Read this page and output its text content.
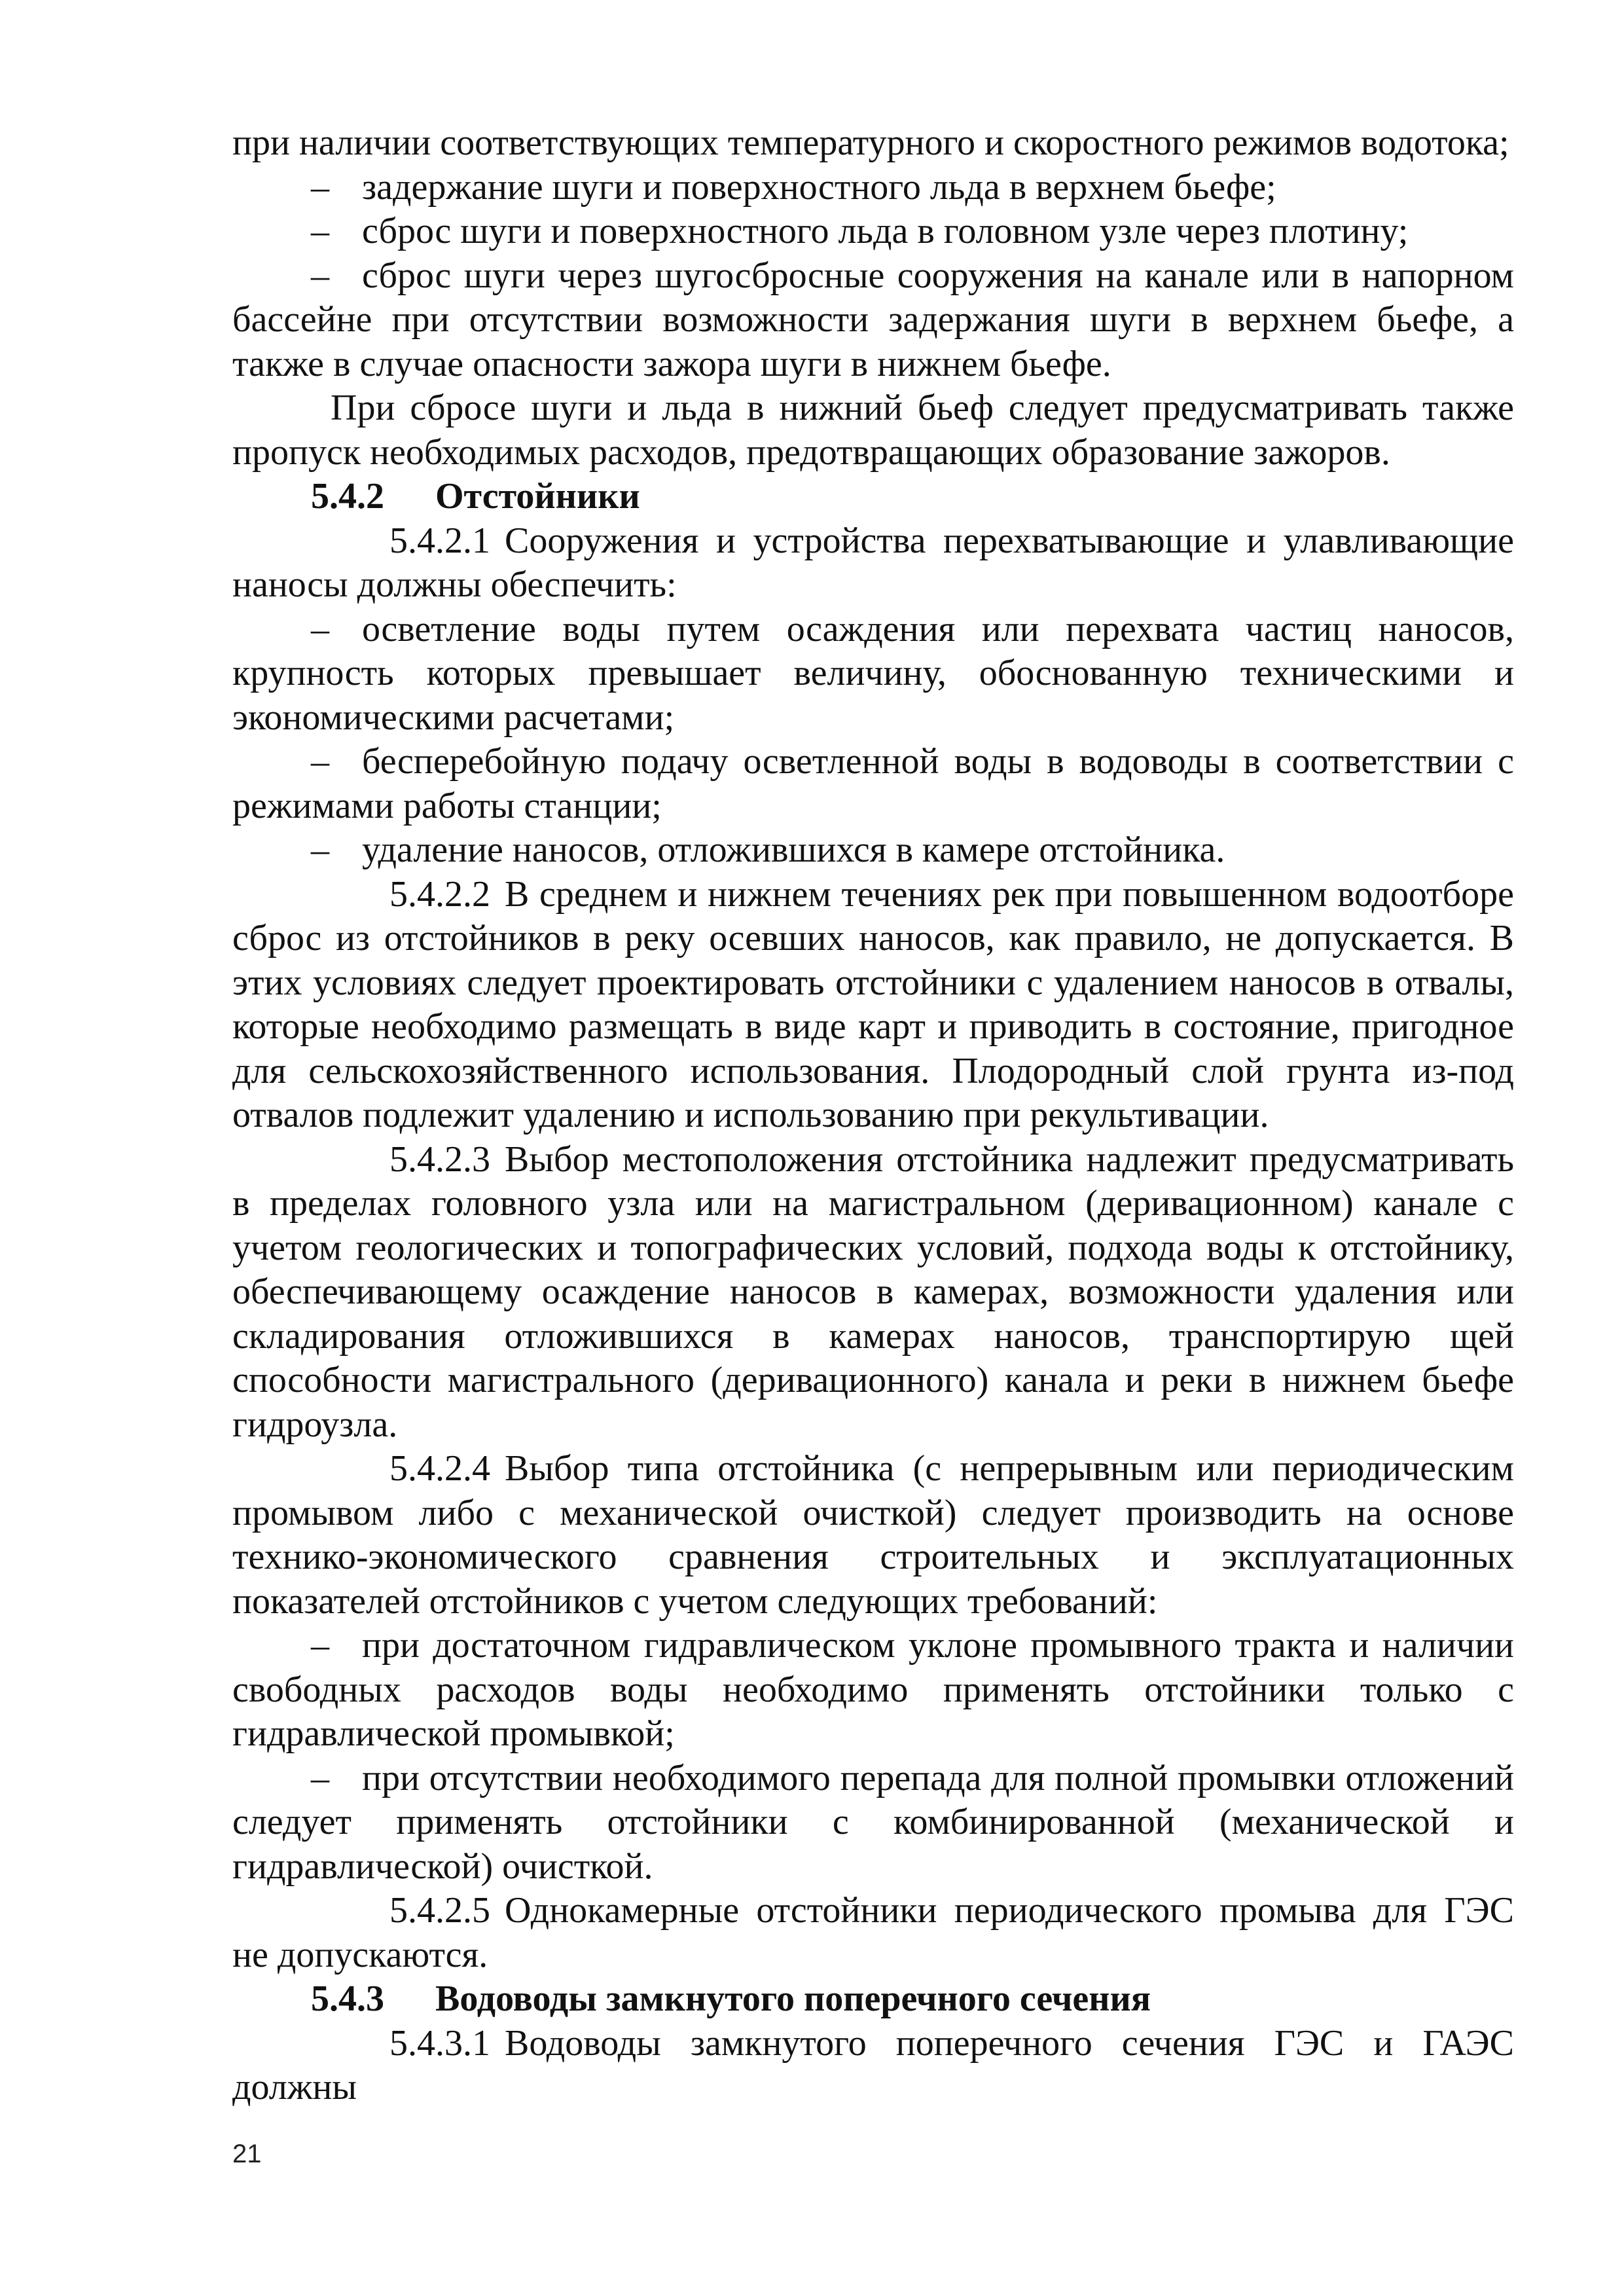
при наличии соответствующих температурного и скоростного режимов водотока;

– задержание шуги и поверхностного льда в верхнем бьефе;

– сброс шуги и поверхностного льда в головном узле через плотину;

– сброс шуги через шугосбросные сооружения на канале или в напорном бассейне при отсутствии возможности задержания шуги в верхнем бьефе, а также в случае опасности зажора шуги в нижнем бьефе.

При сбросе шуги и льда в нижний бьеф следует предусматривать также пропуск необходимых расходов, предотвращающих образование зажоров.

5.4.2 Отстойники

5.4.2.1 Сооружения и устройства перехватывающие и улавливающие наносы должны обеспечить:

– осветление воды путем осаждения или перехвата частиц наносов, крупность которых превышает величину, обоснованную техническими и экономическими расчетами;

– бесперебойную подачу осветленной воды в водоводы в соответствии с режимами работы станции;

– удаление наносов, отложившихся в камере отстойника.

5.4.2.2 В среднем и нижнем течениях рек при повышенном водоотборе сброс из отстойников в реку осевших наносов, как правило, не допускается. В этих условиях следует проектировать отстойники с удалением наносов в отвалы, которые необходимо размещать в виде карт и приводить в состояние, пригодное для сельскохозяйственного использования. Плодородный слой грунта из-под отвалов подлежит удалению и использованию при рекультивации.

5.4.2.3 Выбор местоположения отстойника надлежит предусматривать в пределах головного узла или на магистральном (деривационном) канале с учетом геологических и топографических условий, подхода воды к отстойнику, обеспечивающему осаждение наносов в камерах, возможности удаления или складирования отложившихся в камерах наносов, транспортирую щей способности магистрального (деривационного) канала и реки в нижнем бьефе гидроузла.

5.4.2.4 Выбор типа отстойника (с непрерывным или периодическим промывом либо с механической очисткой) следует производить на основе технико-экономического сравнения строительных и эксплуатационных показателей отстойников с учетом следующих требований:

– при достаточном гидравлическом уклоне промывного тракта и наличии свободных расходов воды необходимо применять отстойники только с гидравлической промывкой;

– при отсутствии необходимого перепада для полной промывки отложений следует применять отстойники с комбинированной (механической и гидравлической) очисткой.

5.4.2.5 Однокамерные отстойники периодического промыва для ГЭС не допускаются.

5.4.3 Водоводы замкнутого поперечного сечения

5.4.3.1 Водоводы замкнутого поперечного сечения ГЭС и ГАЭС должны

21
